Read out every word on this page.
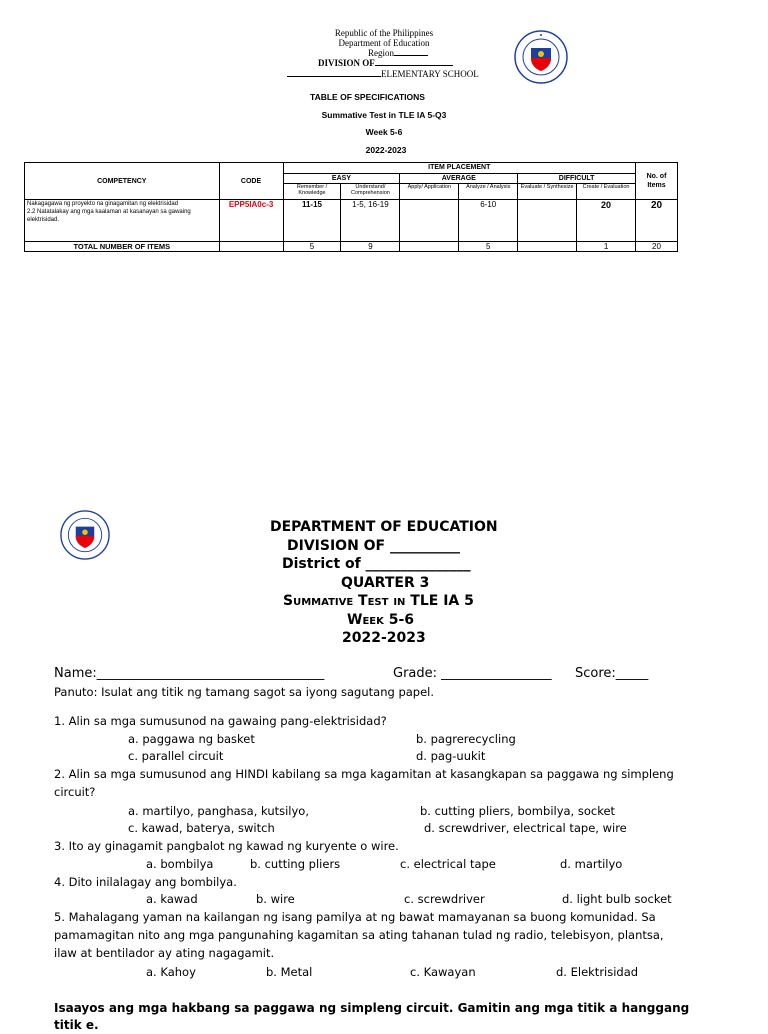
Republic of the Philippines
Department of Education
Region
DIVISION OF
ELEMENTARY SCHOOL
TABLE OF SPECIFICATIONS
Summative Test in TLE IA 5-Q3
Week 5-6
2022-2023
COMPETENCY	CODE	ITEM PLACEMENT						No. of Items
		EASY		AVERAGE		DIFFICULT		
		Remember / Knowledge	Understand/ Comprehension	Apply/ Application	Analyze / Analysis	Evaluate / Synthesize	Create / Evaluation	

Nakagagawa ng proyekto na ginagamitan ng elektrisidad
2.2 Natatalakay ang mga kaalaman at kasanayan sa gawaing elektrisidad.	EPP5IA0c-3	11-15	1-5, 16-19		6-10		20	20
TOTAL NUMBER OF ITEMS		5	9		5		1	20
DEPARTMENT OF EDUCATION
DIVISION OF __________
District of _______________
QUARTER 3
Summative Test in TLE IA 5
Week 5-6
2022-2023
Name:___________________________________	Grade: _________________ Score:_____
Panuto: Isulat ang titik ng tamang sagot sa iyong sagutang papel.
1. Alin sa mga sumusunod na gawaing pang-elektrisidad?
a. paggawa ng basket	b. pagrerecycling
c. parallel circuit	d. pag-uukit
2. Alin sa mga sumusunod ang HINDI kabilang sa mga kagamitan at kasangkapan sa paggawa ng simpleng
circuit?
a. martilyo, panghasa, kutsilyo,	b. cutting pliers, bombilya, socket
c. kawad, baterya, switch	d. screwdriver, electrical tape, wire
3. Ito ay ginagamit pangbalot ng kawad ng kuryente o wire.
a. bombilya	b. cutting pliers	c. electrical tape	d. martilyo
4. Dito inilalagay ang bombilya.
a. kawad	b. wire	c. screwdriver	d. light bulb socket
5. Mahalagang yaman na kailangan ng isang pamilya at ng bawat mamayanan sa buong komunidad. Sa
pamamagitan nito ang mga pangunahing kagamitan sa ating tahanan tulad ng radio, telebisyon, plantsa,
ilaw at bentilador ay ating nagagamit.
a. Kahoy	b. Metal	c. Kawayan	d. Elektrisidad
Isaayos ang mga hakbang sa paggawa ng simpleng circuit. Gamitin ang mga titik a hanggang
titik e.
